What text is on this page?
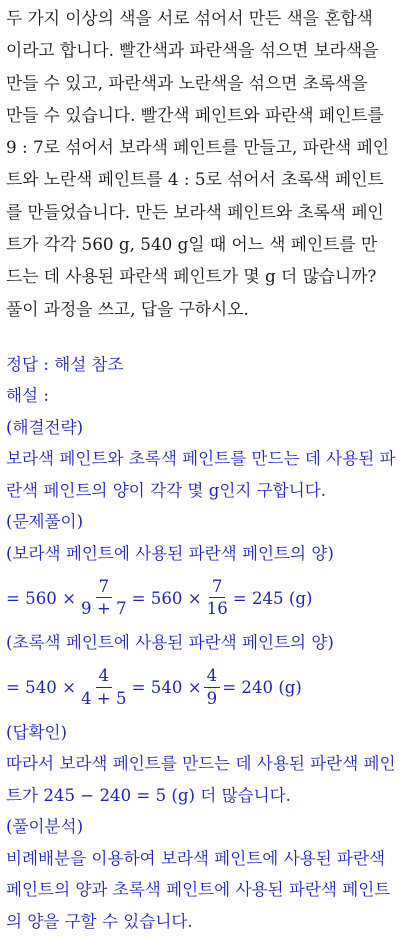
두 가지 이상의 색을 서로 섞어서 만든 색을 혼합색
이라고 합니다. 빨간색과 파란색을 섞으면 보라색을
만들 수 있고, 파란색과 노란색을 섞으면 초록색을
만들 수 있습니다. 빨간색 페인트와 파란색 페인트를
9 : 7로 섞어서 보라색 페인트를 만들고, 파란색 페인
트와 노란색 페인트를 4 : 5로 섞어서 초록색 페인트
를 만들었습니다. 만든 보라색 페인트와 초록색 페인
트가 각각 560 g, 540 g일 때 어느 색 페인트를 만
드는 데 사용된 파란색 페인트가 몇 g 더 많습니까?
풀이 과정을 쓰고, 답을 구하시오.
정답 : 해설 참조
해설 :
(해결전략)
보라색 페인트와 초록색 페인트를 만드는 데 사용된 파
란색 페인트의 양이 각각 몇 g인지 구합니다.
(문제풀이)
(보라색 페인트에 사용된 파란색 페인트의 양)
= $560 \times \frac{7}{9 + 7} = 560 \times \frac{7}{16} = 245$ (g)
(초록색 페인트에 사용된 파란색 페인트의 양)
= $540 \times \frac{4}{4 + 5} = 540 \times \frac{4}{9} = 240$ (g)
(답확인)
따라서 보라색 페인트를 만드는 데 사용된 파란색 페인
트가 245 − 240 = 5 (g) 더 많습니다.
(풀이분석)
비례배분을 이용하여 보라색 페인트에 사용된 파란색
페인트의 양과 초록색 페인트에 사용된 파란색 페인트
의 양을 구할 수 있습니다.
